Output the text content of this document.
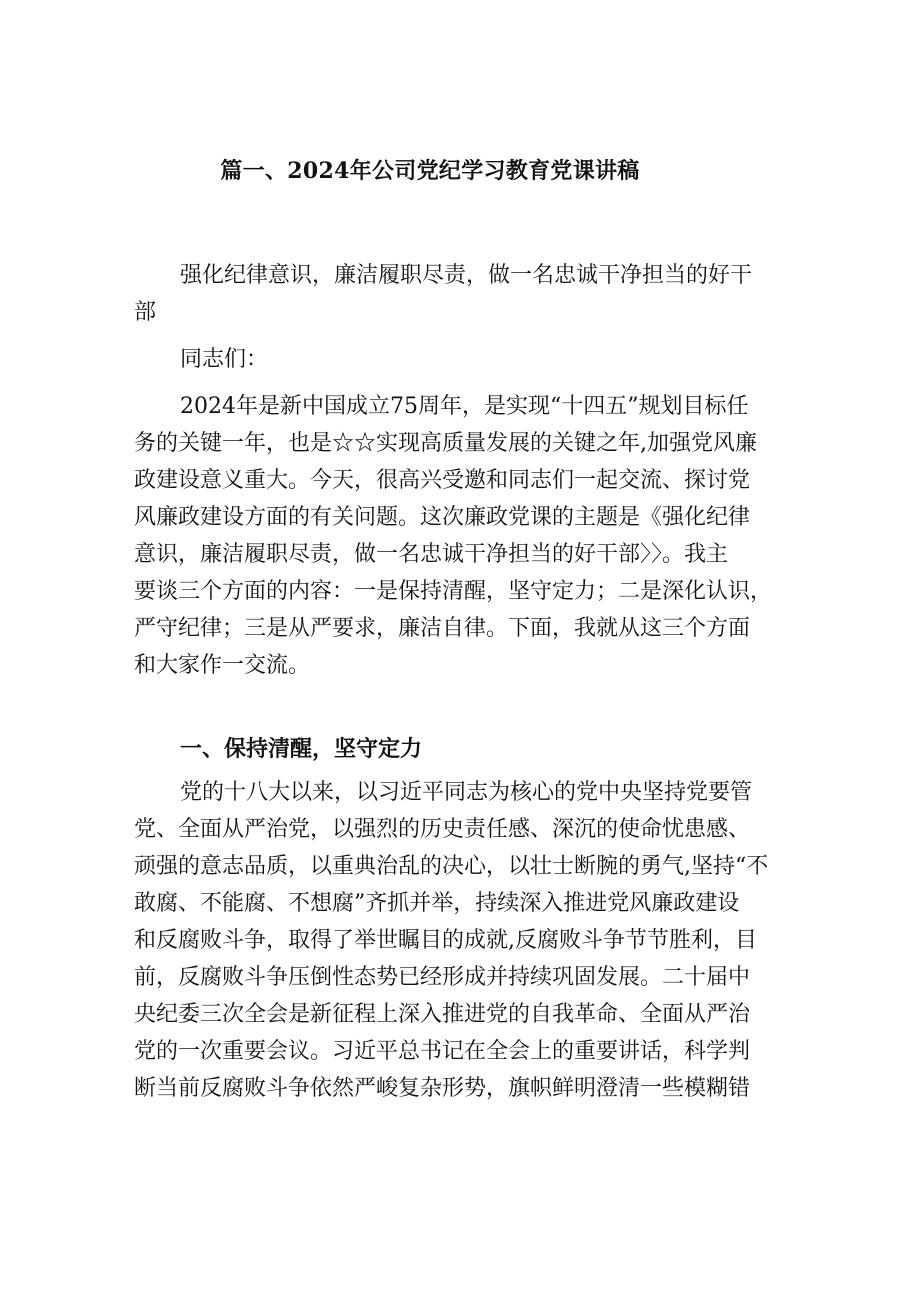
篇一、2024年公司党纪学习教育党课讲稿
强化纪律意识，廉洁履职尽责，做一名忠诚干净担当的好干
部
同志们：
2024年是新中国成立75周年，是实现“十四五”规划目标任
务的关键一年，也是☆☆实现高质量发展的关键之年,加强党风廉
政建设意义重大。今天，很高兴受邀和同志们一起交流、探讨党
风廉政建设方面的有关问题。这次廉政党课的主题是《强化纪律
意识，廉洁履职尽责，做一名忠诚干净担当的好干部〉〉。我主
要谈三个方面的内容：一是保持清醒，坚守定力；二是深化认识，
严守纪律；三是从严要求，廉洁自律。下面，我就从这三个方面
和大家作一交流。
一、保持清醒，坚守定力
党的十八大以来，以习近平同志为核心的党中央坚持党要管
党、全面从严治党，以强烈的历史责任感、深沉的使命忧患感、
顽强的意志品质，以重典治乱的决心，以壮士断腕的勇气,坚持“不
敢腐、不能腐、不想腐”齐抓并举，持续深入推进党风廉政建设
和反腐败斗争，取得了举世瞩目的成就,反腐败斗争节节胜利，目
前，反腐败斗争压倒性态势已经形成并持续巩固发展。二十届中
央纪委三次全会是新征程上深入推进党的自我革命、全面从严治
党的一次重要会议。习近平总书记在全会上的重要讲话，科学判
断当前反腐败斗争依然严峻复杂形势，旗帜鲜明澄清一些模糊错
